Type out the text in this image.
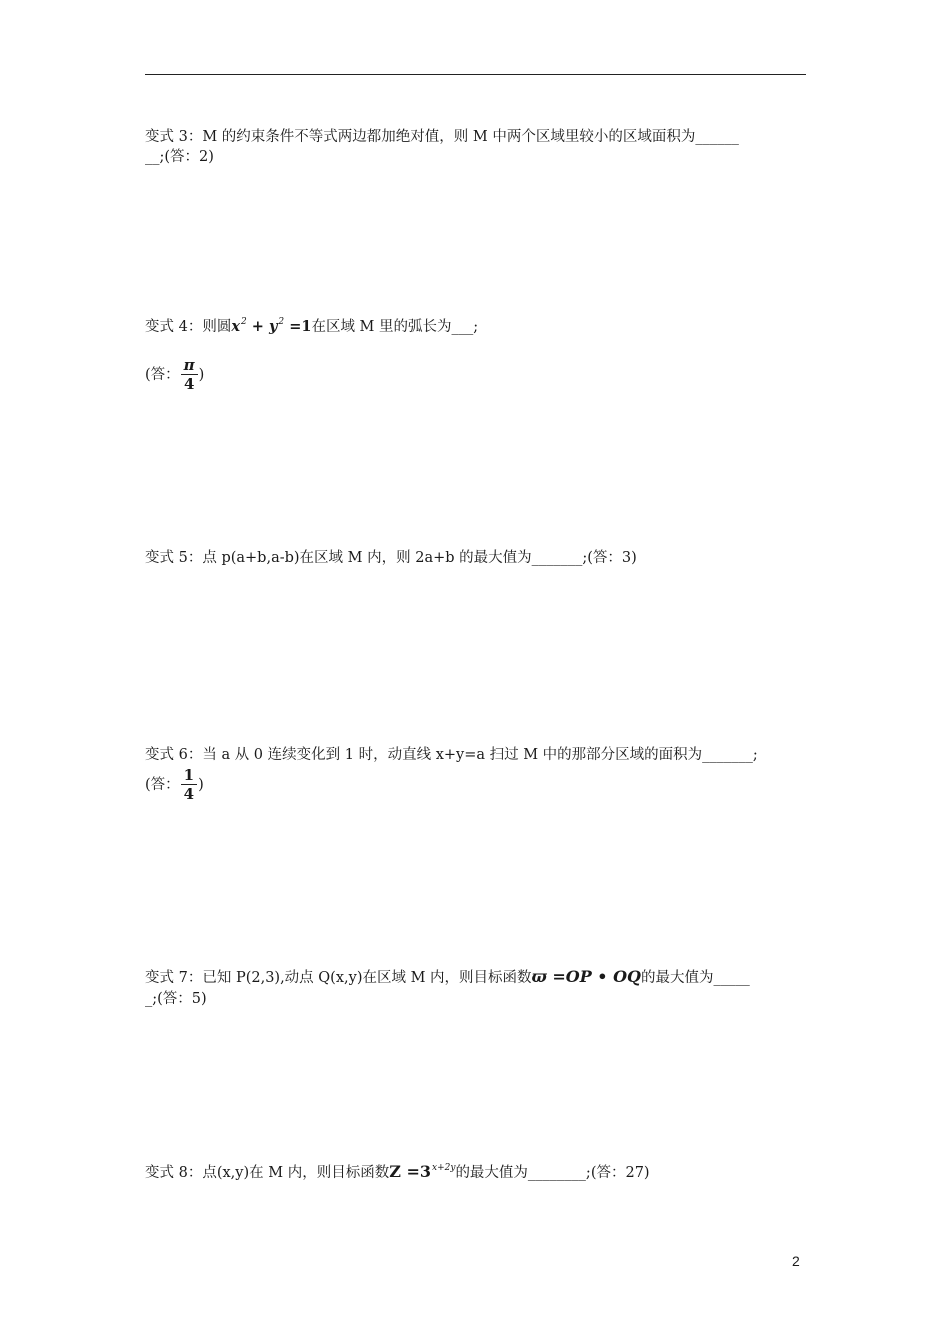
变式 3：M 的约束条件不等式两边都加绝对值，则 M 中两个区域里较小的区域面积为______
__;(答：2)
变式 4：则圆$x^2 + y^2 =1$在区域 M 里的弧长为___;
(答： $\frac{\pi}{4}$ )
变式 5：点 p(a+b,a-b)在区域 M 内，则 2a+b 的最大值为_______;(答：3)
变式 6：当 a 从 0 连续变化到 1 时，动直线 x+y=a 扫过 M 中的那部分区域的面积为_______;
(答： $\frac{1}{4}$ )
变式 7：已知 P(2,3),动点 Q(x,y)在区域 M 内，则目标函数ϖ =OP • OQ的最大值为_____
_;(答：5)
变式 8：点(x,y)在 M 内，则目标函数$Z =3^{x+2y}$的最大值为________;(答：27)
2
